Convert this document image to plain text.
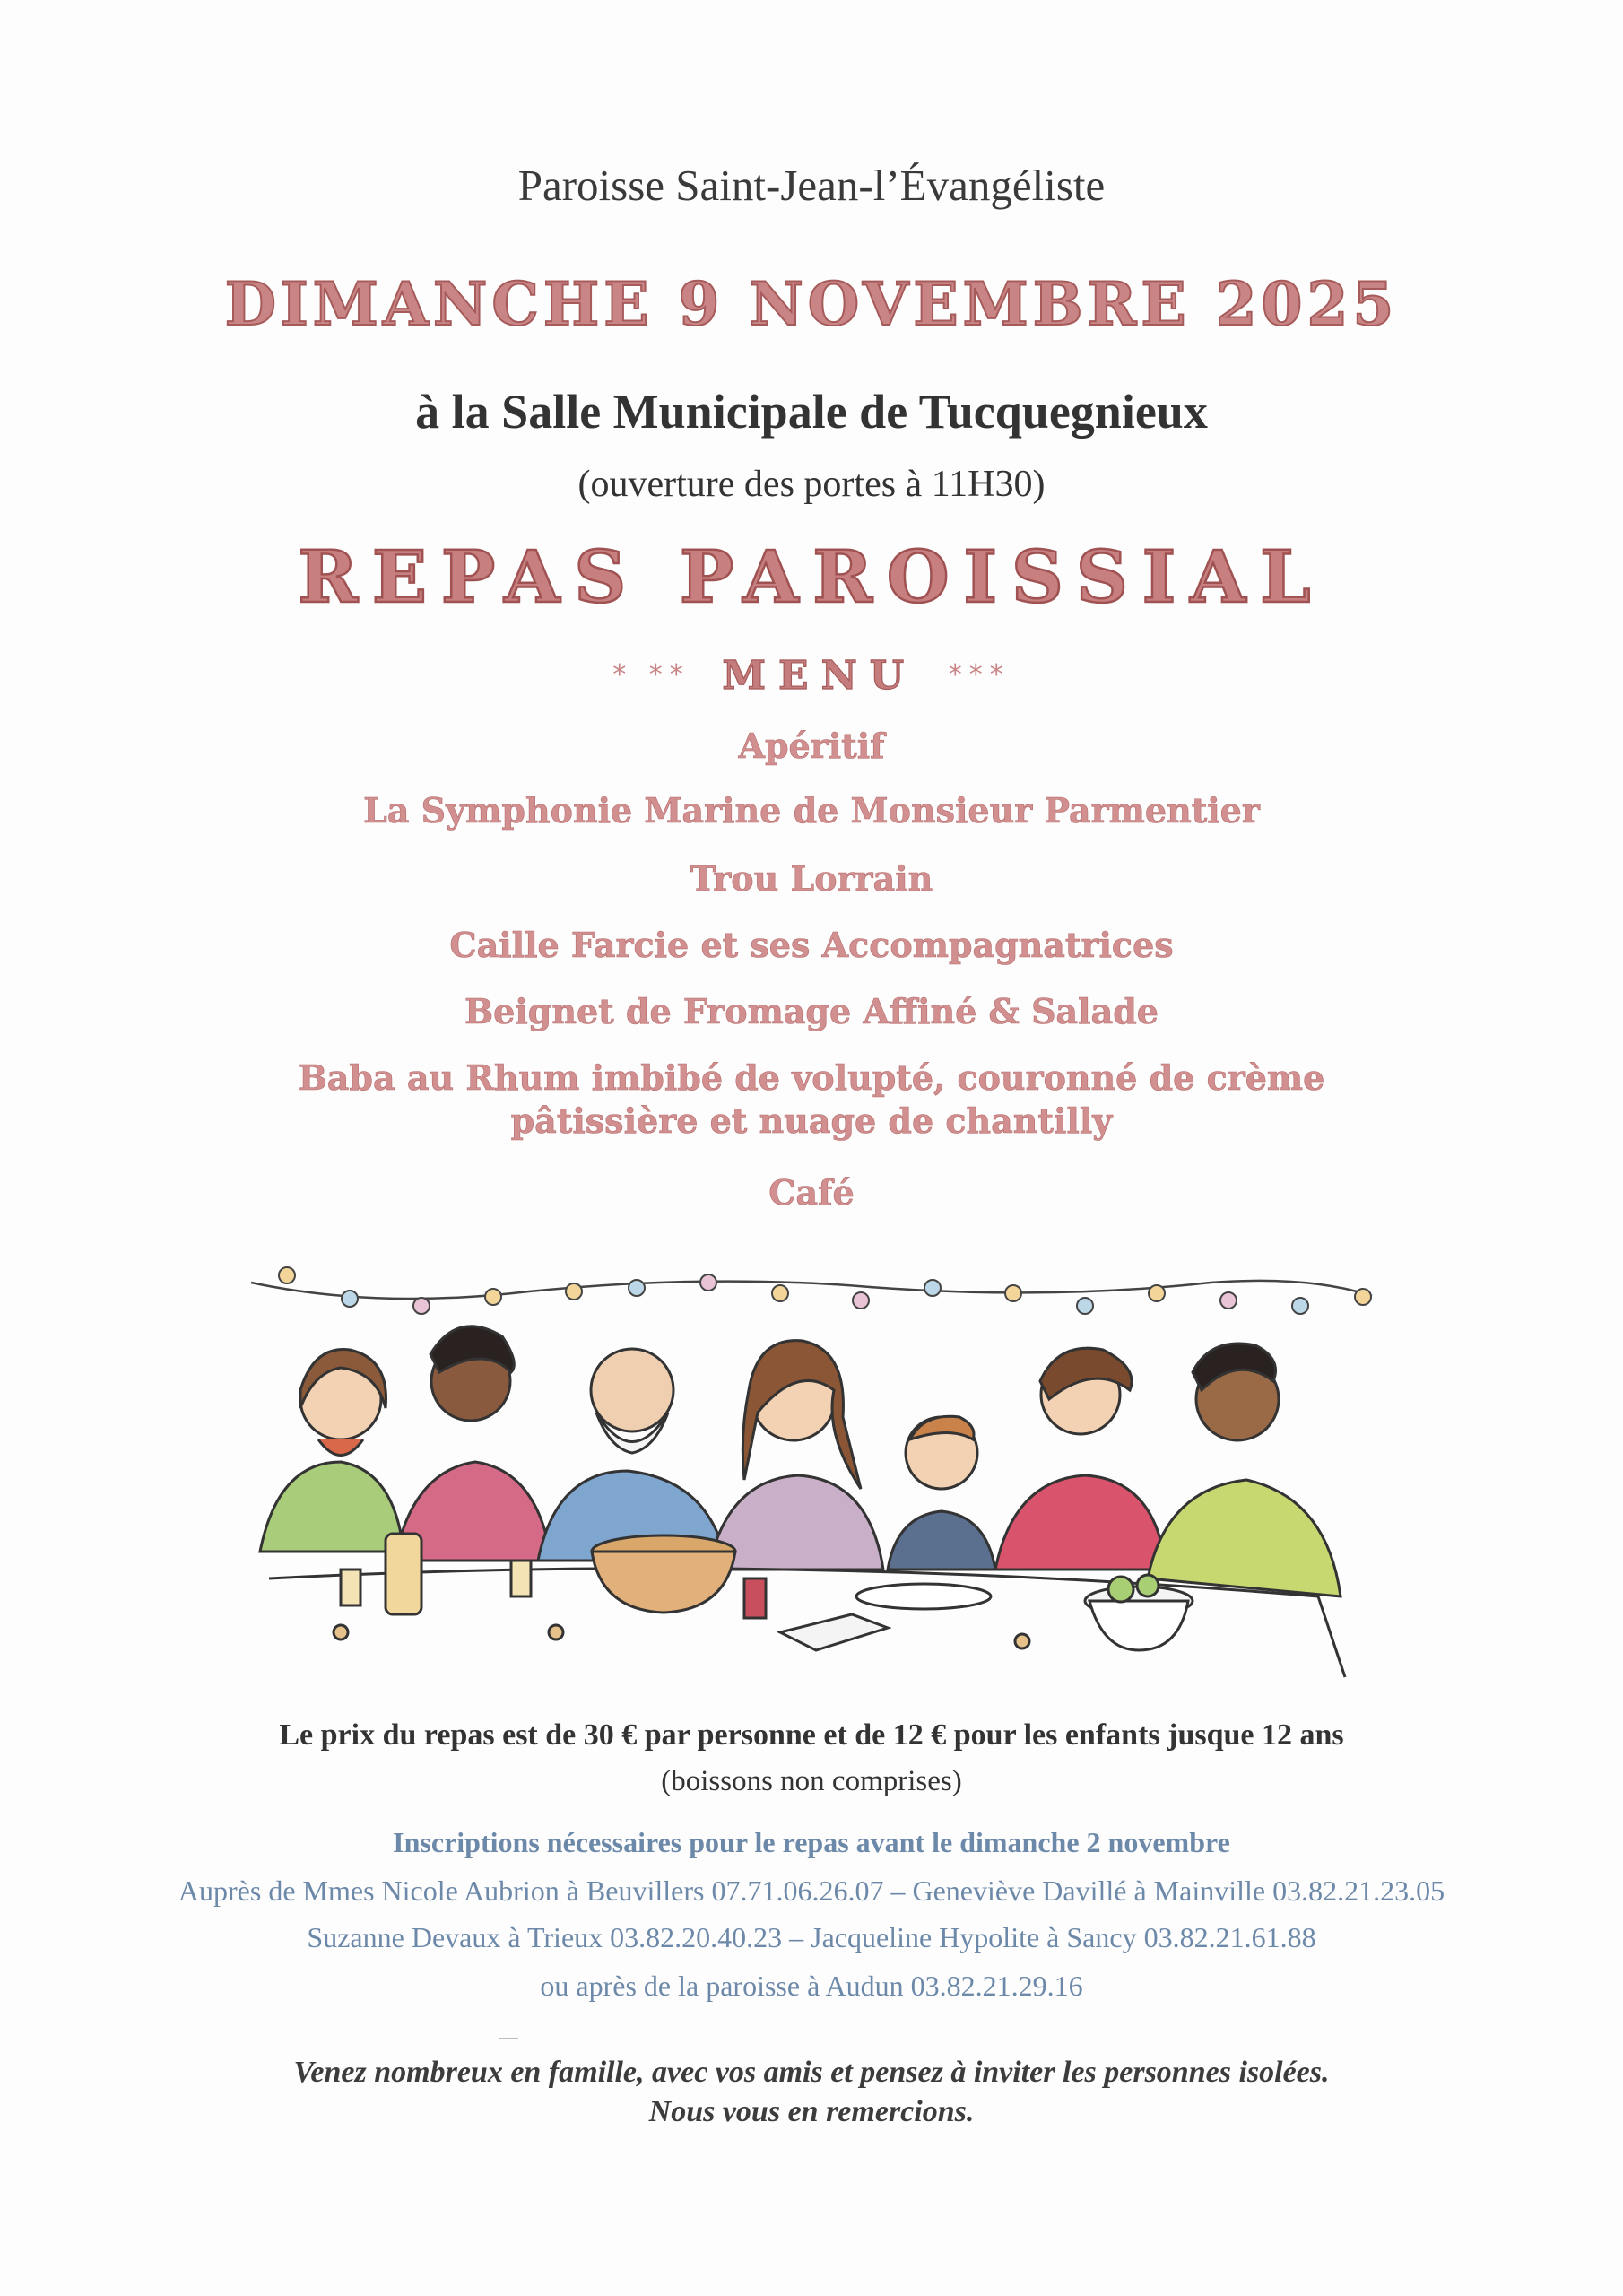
Paroisse Saint-Jean-l’Évangéliste
DIMANCHE 9 NOVEMBRE 2025
à la Salle Municipale de Tucquegnieux
(ouverture des portes à 11H30)
REPAS PAROISSIAL
* ** MENU ***
Apéritif
La Symphonie Marine de Monsieur Parmentier
Trou Lorrain
Caille Farcie et ses Accompagnatrices
Beignet de Fromage Affiné & Salade
Baba au Rhum imbibé de volupté, couronné de crème
pâtissière et nuage de chantilly
Café
Le prix du repas est de 30 € par personne et de 12 € pour les enfants jusque 12 ans
(boissons non comprises)
Inscriptions nécessaires pour le repas avant le dimanche 2 novembre
Auprès de Mmes Nicole Aubrion à Beuvillers 07.71.06.26.07 – Geneviève Davillé à Mainville 03.82.21.23.05
Suzanne Devaux à Trieux 03.82.20.40.23 – Jacqueline Hypolite à Sancy 03.82.21.61.88
ou après de la paroisse à Audun 03.82.21.29.16
Venez nombreux en famille, avec vos amis et pensez à inviter les personnes isolées.
Nous vous en remercions.
